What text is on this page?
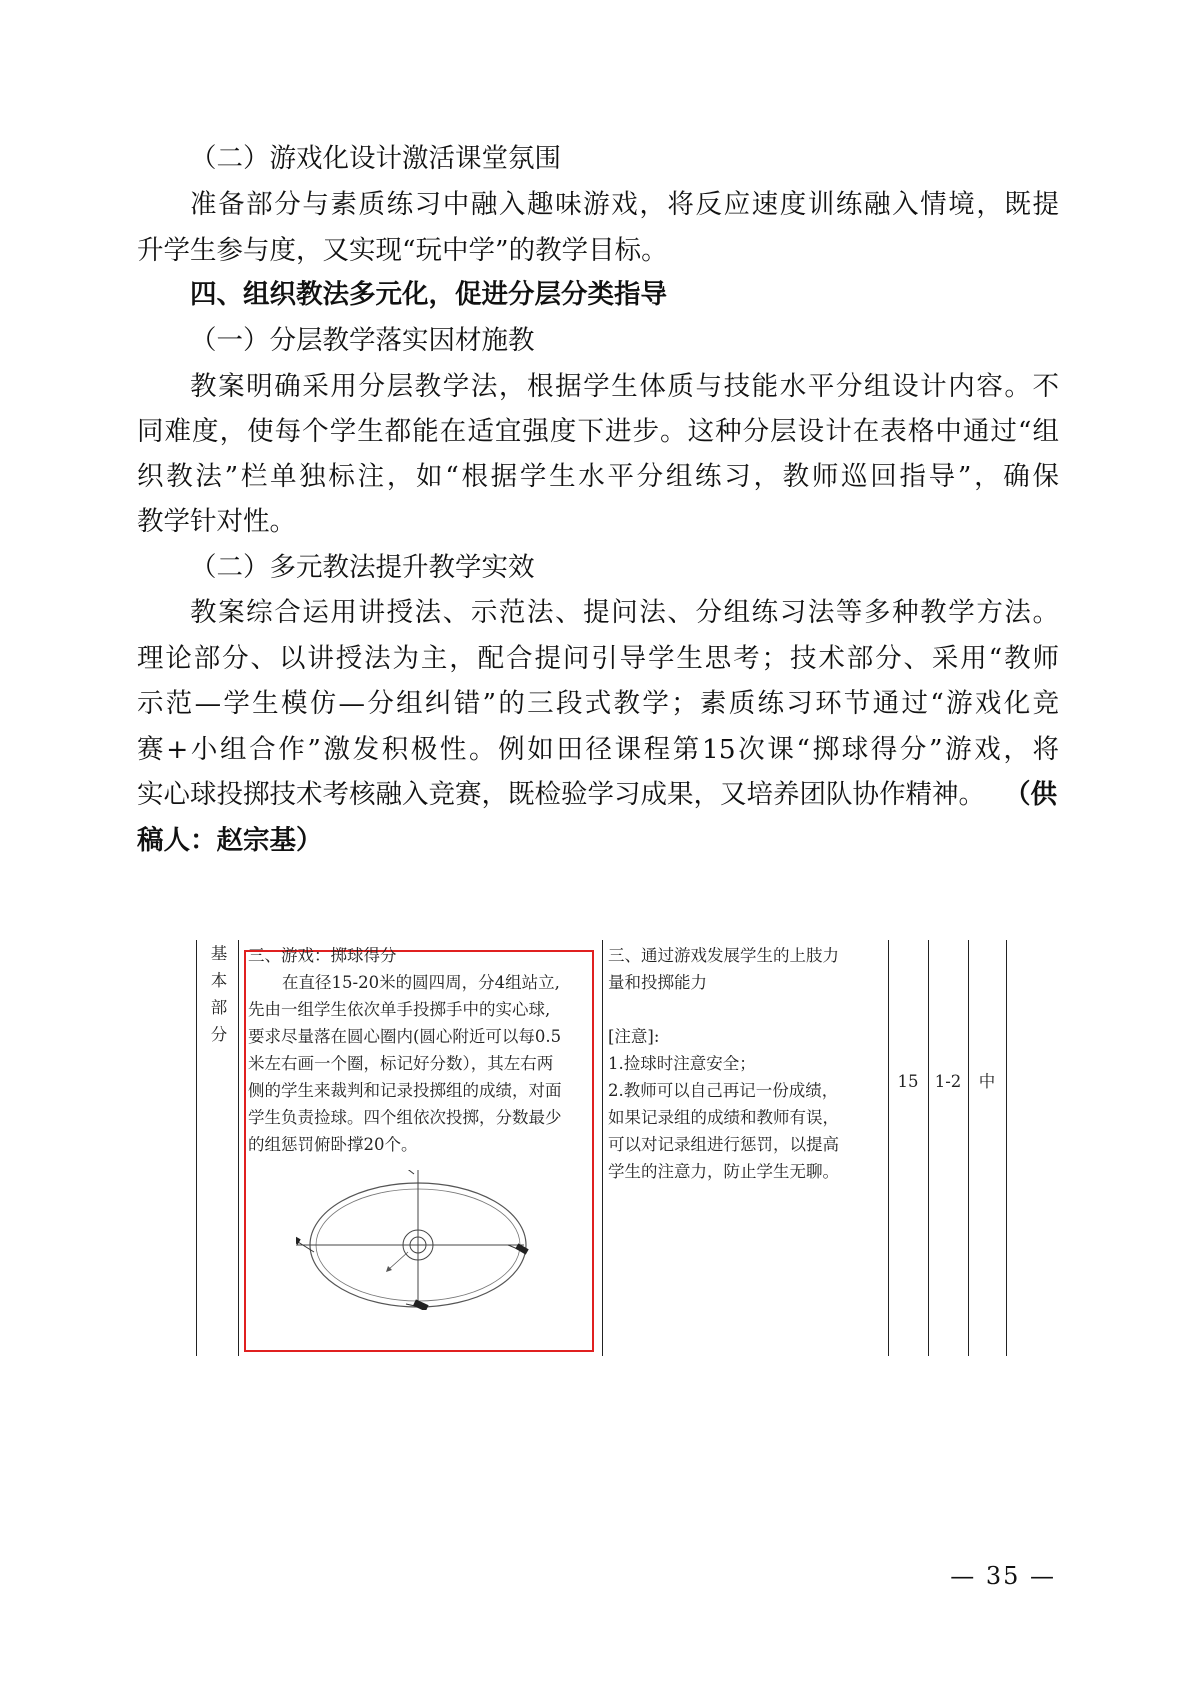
（二）游戏化设计激活课堂氛围
准备部分与素质练习中融入趣味游戏，将反应速度训练融入情境，既提
升学生参与度，又实现“玩中学”的教学目标。
四、组织教法多元化，促进分层分类指导
（一）分层教学落实因材施教
教案明确采用分层教学法，根据学生体质与技能水平分组设计内容。不
同难度，使每个学生都能在适宜强度下进步。这种分层设计在表格中通过“组
织教法”栏单独标注，如“根据学生水平分组练习，教师巡回指导”，确保
教学针对性。
（二）多元教法提升教学实效
教案综合运用讲授法、示范法、提问法、分组练习法等多种教学方法。
理论部分、以讲授法为主，配合提问引导学生思考；技术部分、采用“教师
示范—学生模仿—分组纠错”的三段式教学；素质练习环节通过“游戏化竞
赛+小组合作”激发积极性。例如田径课程第15次课“掷球得分”游戏，将
实心球投掷技术考核融入竞赛，既检验学习成果，又培养团队协作精神。 （供
稿人：赵宗基）
基
本
部
分
三、游戏：掷球得分
在直径15-20米的圆四周，分4组站立,
先由一组学生依次单手投掷手中的实心球,
要求尽量落在圆心圈内(圆心附近可以每0.5
米左右画一个圈，标记好分数），其左右两
侧的学生来裁判和记录投掷组的成绩，对面
学生负责捡球。四个组依次投掷，分数最少
的组惩罚俯卧撑20个。
三、通过游戏发展学生的上肢力
量和投掷能力
[注意]:
1.捡球时注意安全；
2.教师可以自己再记一份成绩，
如果记录组的成绩和教师有误，
可以对记录组进行惩罚，以提高
学生的注意力，防止学生无聊。
15 1-2	中
— 35 —
